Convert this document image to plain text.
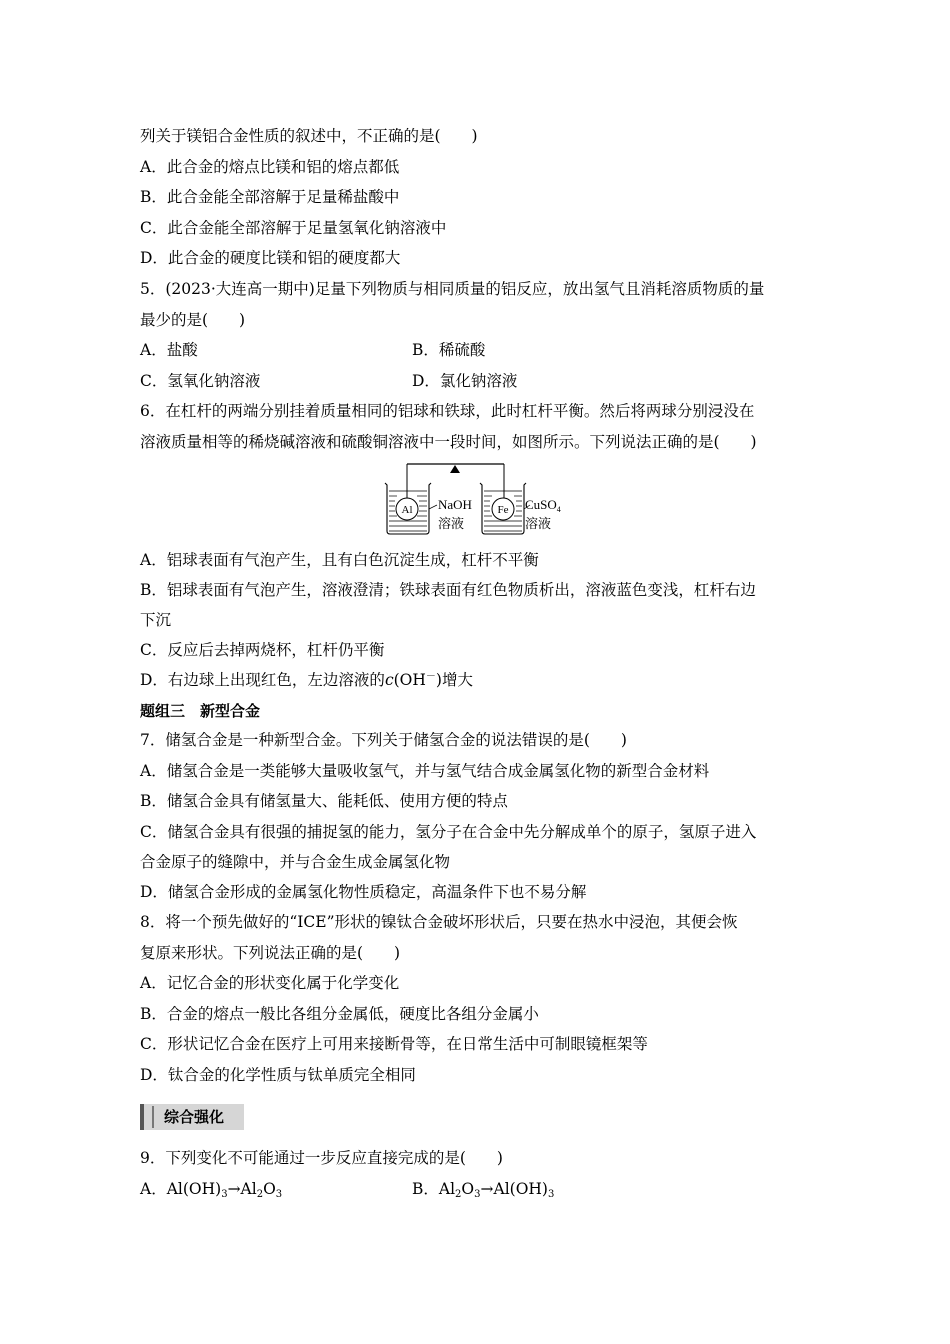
列关于镁铝合金性质的叙述中，不正确的是(　　)
A．此合金的熔点比镁和铝的熔点都低
B．此合金能全部溶解于足量稀盐酸中
C．此合金能全部溶解于足量氢氧化钠溶液中
D．此合金的硬度比镁和铝的硬度都大
5．(2023·大连高一期中)足量下列物质与相同质量的铝反应，放出氢气且消耗溶质物质的量
最少的是(　　)
A．盐酸	B．稀硫酸
C．氢氧化钠溶液	D．氯化钠溶液
6．在杠杆的两端分别挂着质量相同的铝球和铁球，此时杠杆平衡。然后将两球分别浸没在
溶液质量相等的稀烧碱溶液和硫酸铜溶液中一段时间，如图所示。下列说法正确的是(　　)
Al NaOH
溶液
Fe CuSO$_4$
溶液
A．铝球表面有气泡产生，且有白色沉淀生成，杠杆不平衡
B．铝球表面有气泡产生，溶液澄清；铁球表面有红色物质析出，溶液蓝色变浅，杠杆右边
下沉
C．反应后去掉两烧杯，杠杆仍平衡
D．右边球上出现红色，左边溶液的c(OH－)增大
题组三　新型合金
7．储氢合金是一种新型合金。下列关于储氢合金的说法错误的是(　　)
A．储氢合金是一类能够大量吸收氢气，并与氢气结合成金属氢化物的新型合金材料
B．储氢合金具有储氢量大、能耗低、使用方便的特点
C．储氢合金具有很强的捕捉氢的能力，氢分子在合金中先分解成单个的原子，氢原子进入
合金原子的缝隙中，并与合金生成金属氢化物
D．储氢合金形成的金属氢化物性质稳定，高温条件下也不易分解
8．将一个预先做好的“ICE”形状的镍钛合金破坏形状后，只要在热水中浸泡，其便会恢
复原来形状。下列说法正确的是(　　)
A．记忆合金的形状变化属于化学变化
B．合金的熔点一般比各组分金属低，硬度比各组分金属小
C．形状记忆合金在医疗上可用来接断骨等，在日常生活中可制眼镜框架等
D．钛合金的化学性质与钛单质完全相同
综合强化
9．下列变化不可能通过一步反应直接完成的是(　　)
A．$Al(OH)_3\to Al_2O_3$	B．$Al_2O_3\to Al(OH)_3$
